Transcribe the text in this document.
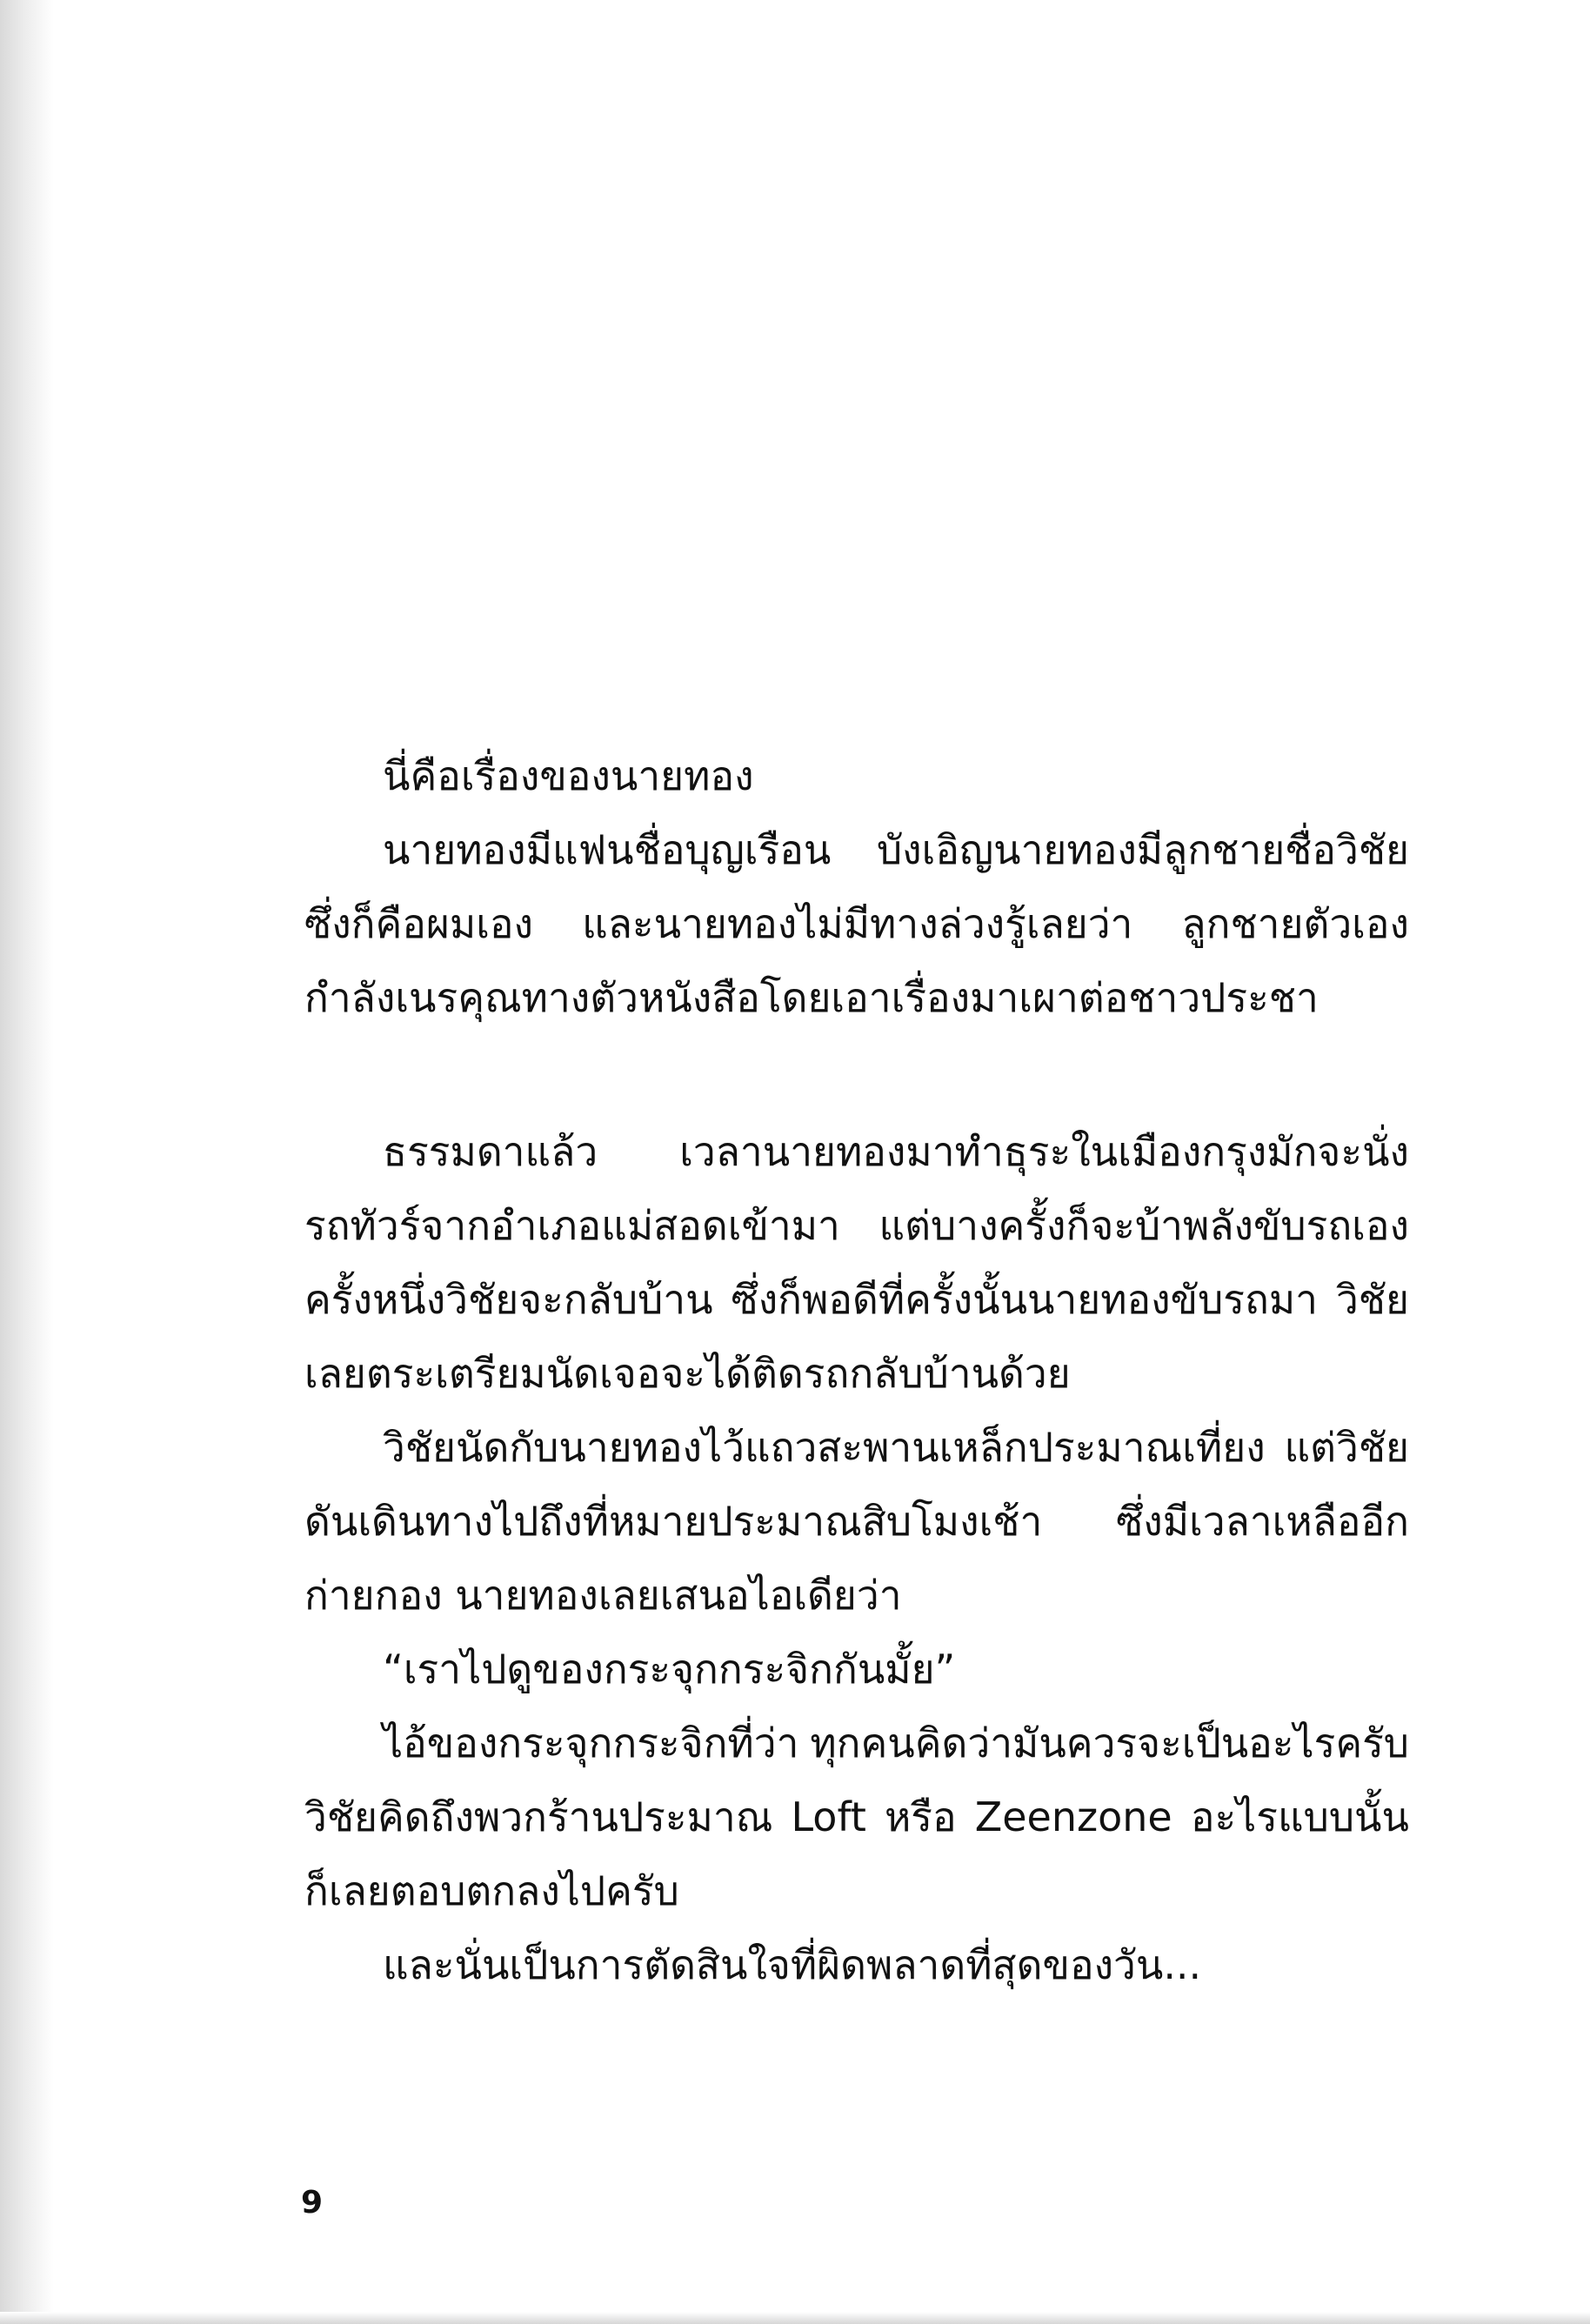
นี่คือเรื่องของนายทอง
นายทองมีแฟนชื่อบุญเรือน บังเอิญนายทองมีลูกชายชื่อวิชัย
ซึ่งก็คือผมเอง และนายทองไม่มีทางล่วงรู้เลยว่า ลูกชายตัวเอง
กำลังเนรคุณทางตัวหนังสือโดยเอาเรื่องมาเผาต่อชาวประชา
ธรรมดาแล้ว เวลานายทองมาทำธุระในเมืองกรุงมักจะนั่ง
รถทัวร์จากอำเภอแม่สอดเข้ามา แต่บางครั้งก็จะบ้าพลังขับรถเอง
ครั้งหนึ่งวิชัยจะกลับบ้าน ซึ่งก็พอดีที่ครั้งนั้นนายทองขับรถมา วิชัย
เลยตระเตรียมนัดเจอจะได้ติดรถกลับบ้านด้วย
วิชัยนัดกับนายทองไว้แถวสะพานเหล็กประมาณเที่ยง แต่วิชัย
ดันเดินทางไปถึงที่หมายประมาณสิบโมงเช้า ซึ่งมีเวลาเหลืออีก
ก่ายกอง นายทองเลยเสนอไอเดียว่า
“เราไปดูของกระจุกกระจิกกันมั้ย”
ไอ้ของกระจุกกระจิกที่ว่า ทุกคนคิดว่ามันควรจะเป็นอะไรครับ
วิชัยคิดถึงพวกร้านประมาณ Loft หรือ Zeenzone อะไรแบบนั้น
ก็เลยตอบตกลงไปครับ
และนั่นเป็นการตัดสินใจที่ผิดพลาดที่สุดของวัน...
9
